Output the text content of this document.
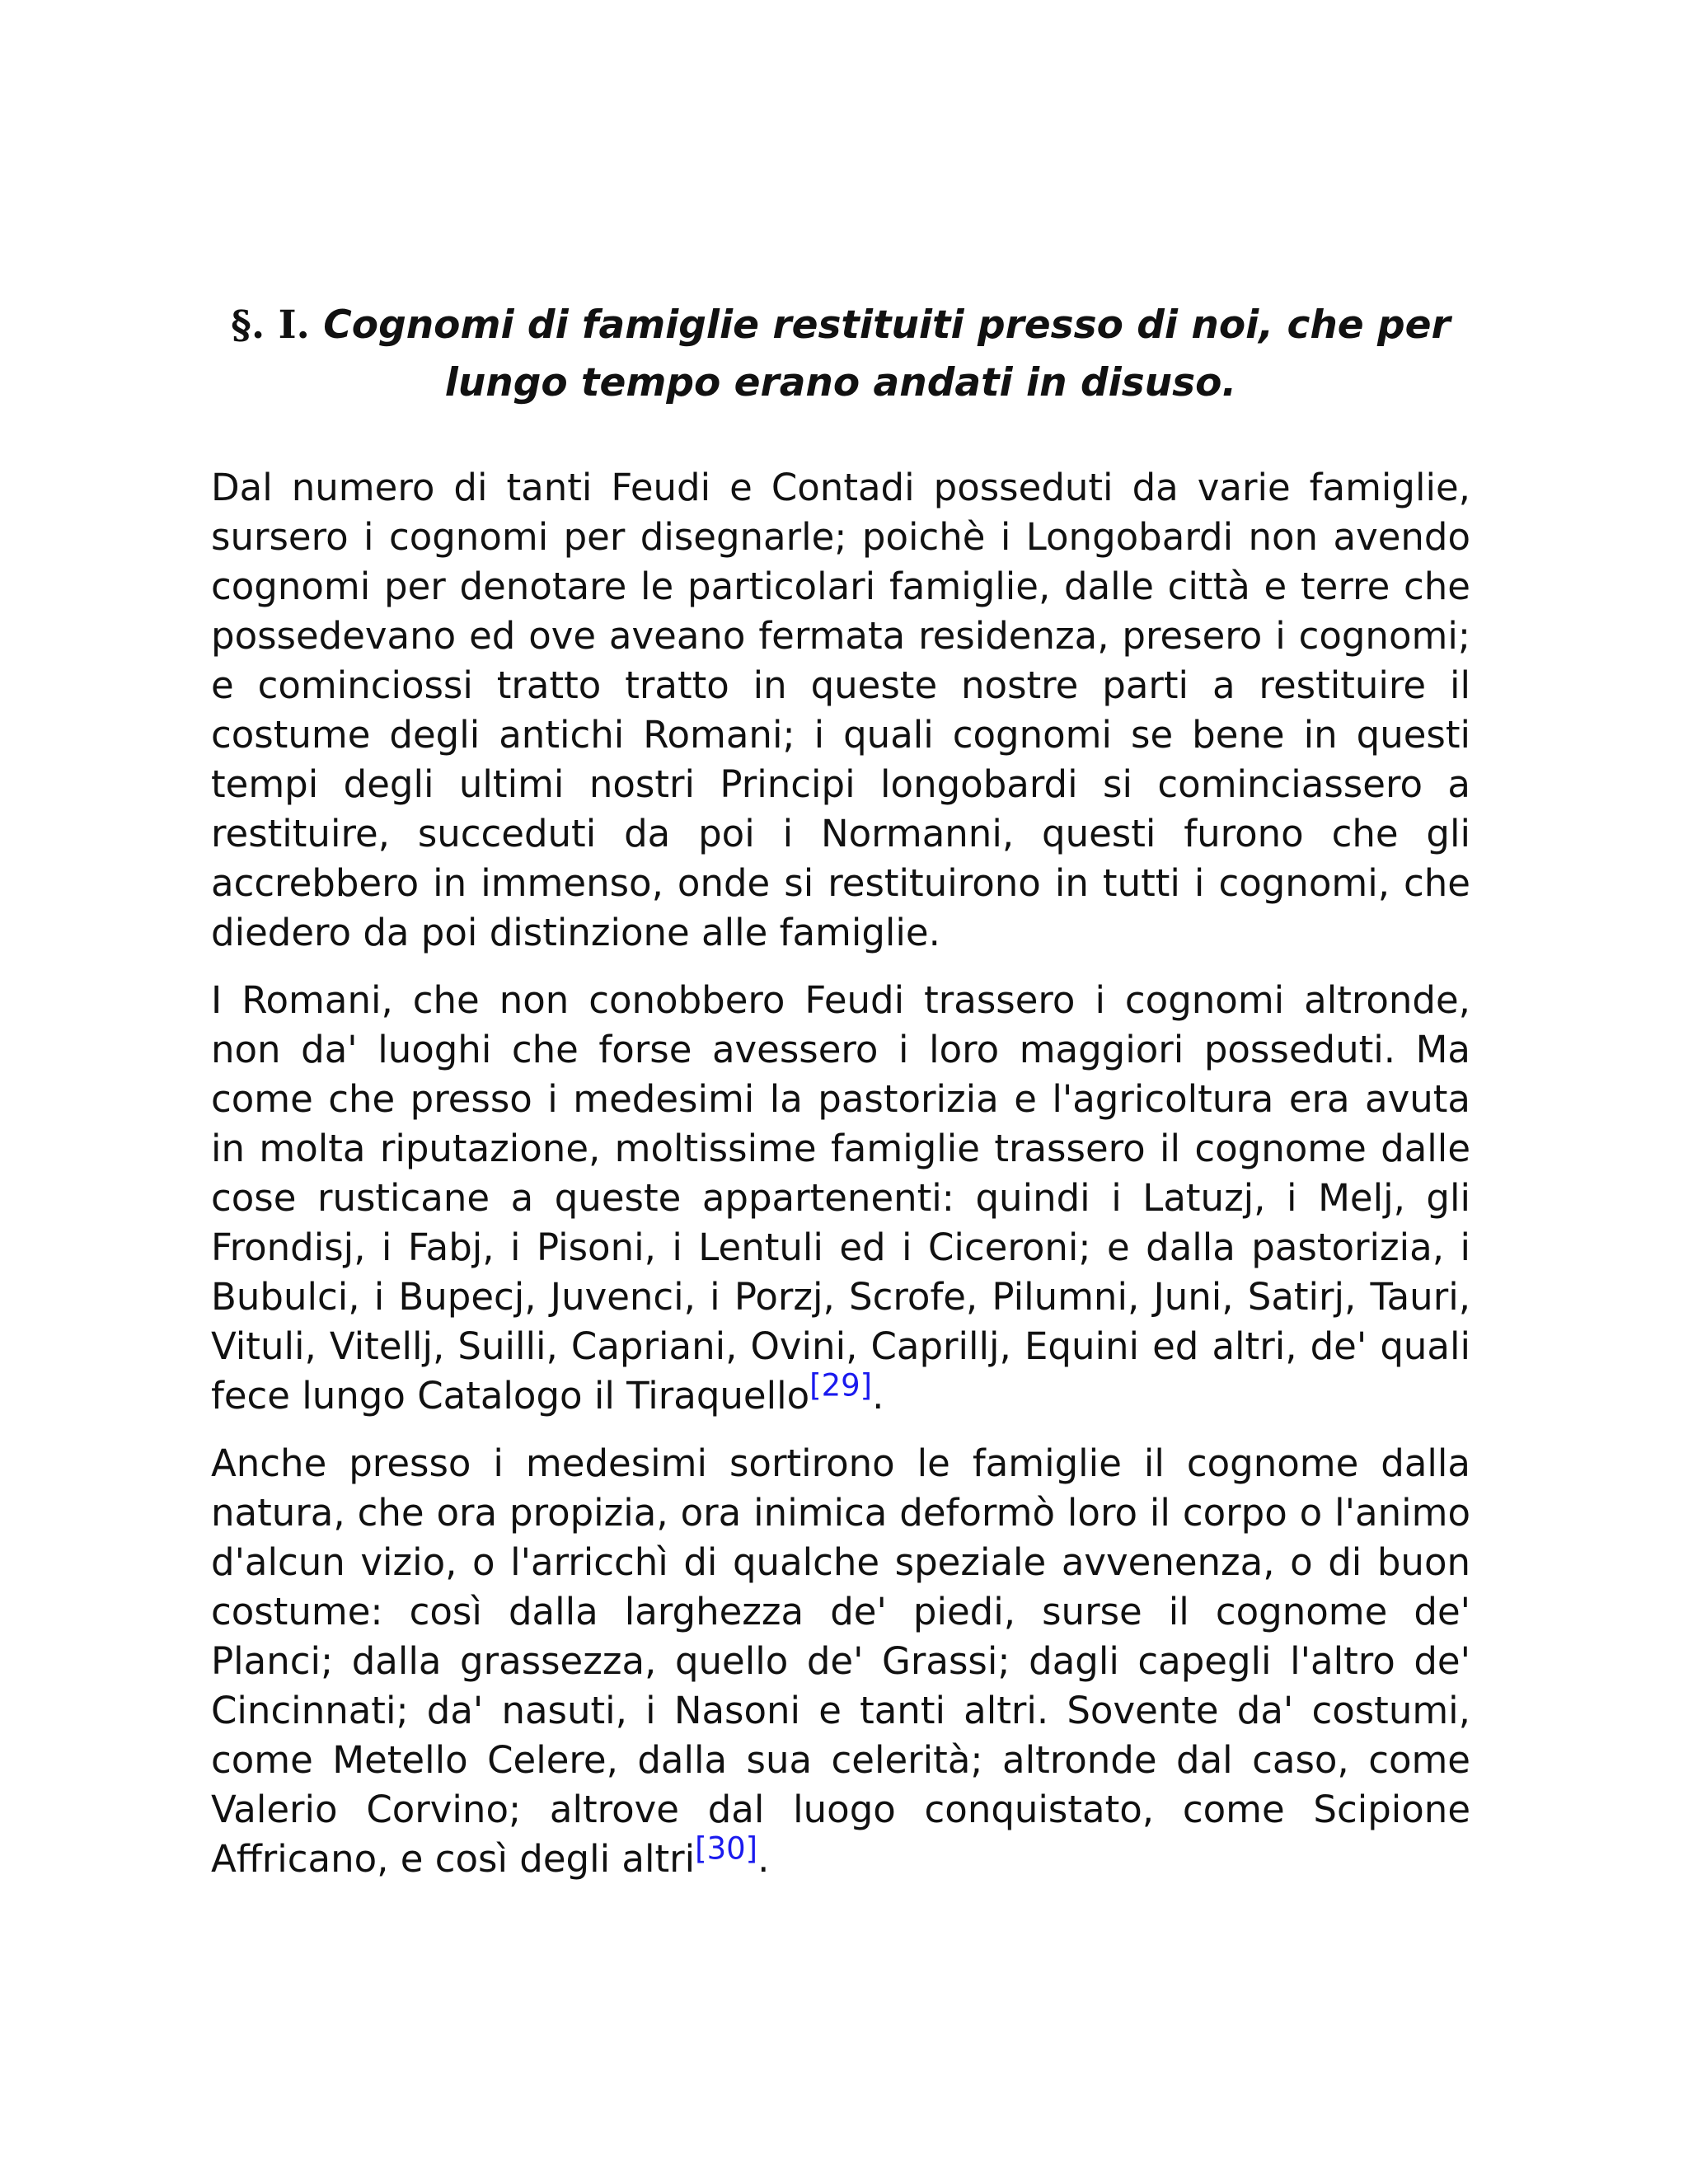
§. I. Cognomi di famiglie restituiti presso di noi, che per lungo tempo erano andati in disuso.

Dal numero di tanti Feudi e Contadi posseduti da varie famiglie, sursero i cognomi per disegnarle; poichè i Longobardi non avendo cognomi per denotare le particolari famiglie, dalle città e terre che possedevano ed ove aveano fermata residenza, presero i cognomi; e cominciossi tratto tratto in queste nostre parti a restituire il costume degli antichi Romani; i quali cognomi se bene in questi tempi degli ultimi nostri Principi longobardi si cominciassero a restituire, succeduti da poi i Normanni, questi furono che gli accrebbero in immenso, onde si restituirono in tutti i cognomi, che diedero da poi distinzione alle famiglie.

I Romani, che non conobbero Feudi trassero i cognomi altronde, non da' luoghi che forse avessero i loro maggiori posseduti. Ma come che presso i medesimi la pastorizia e l'agricoltura era avuta in molta riputazione, moltissime famiglie trassero il cognome dalle cose rusticane a queste appartenenti: quindi i Latuzj, i Melj, gli Frondisj, i Fabj, i Pisoni, i Lentuli ed i Ciceroni; e dalla pastorizia, i Bubulci, i Bupecj, Juvenci, i Porzj, Scrofe, Pilumni, Juni, Satirj, Tauri, Vituli, Vitellj, Suilli, Capriani, Ovini, Caprillj, Equini ed altri, de' quali fece lungo Catalogo il Tiraquello[29].

Anche presso i medesimi sortirono le famiglie il cognome dalla natura, che ora propizia, ora inimica deformò loro il corpo o l'animo d'alcun vizio, o l'arricchì di qualche speziale avvenenza, o di buon costume: così dalla larghezza de' piedi, surse il cognome de' Planci; dalla grassezza, quello de' Grassi; dagli capegli l'altro de' Cincinnati; da' nasuti, i Nasoni e tanti altri. Sovente da' costumi, come Metello Celere, dalla sua celerità; altronde dal caso, come Valerio Corvino; altrove dal luogo conquistato, come Scipione Affricano, e così degli altri[30].
